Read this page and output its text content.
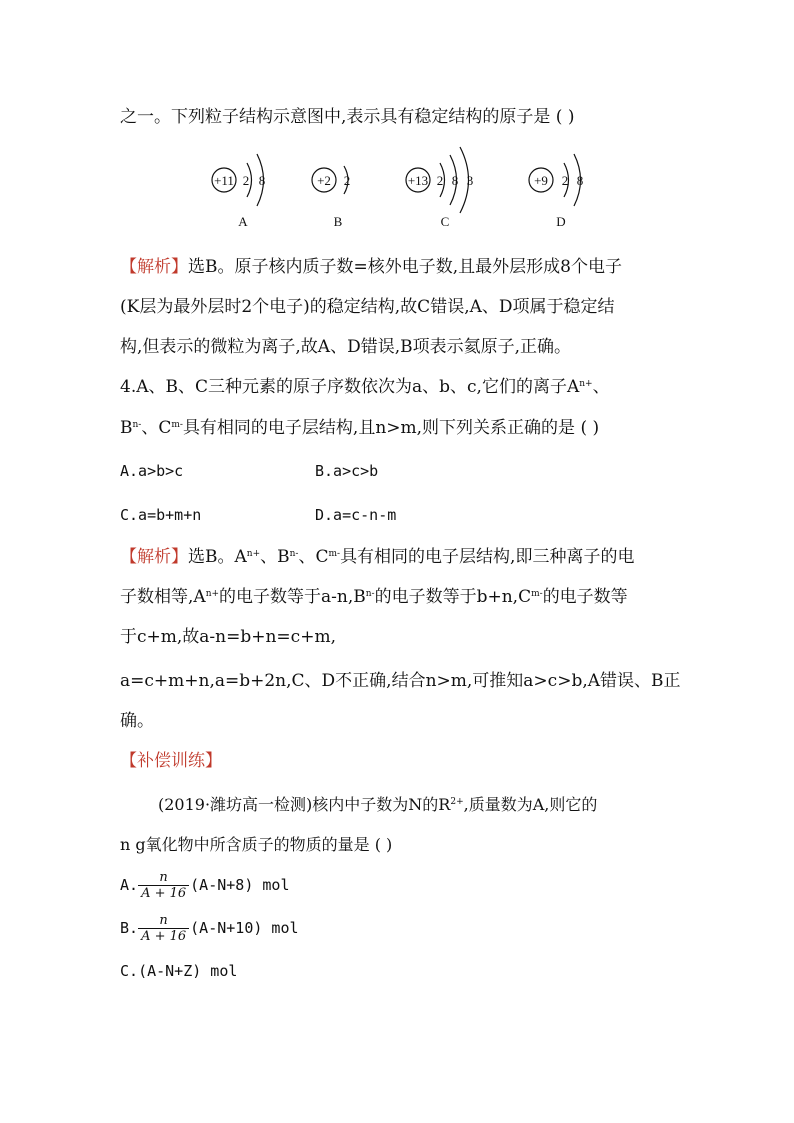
之一。下列粒子结构示意图中,表示具有稳定结构的原子是 ( )
+11 2 8
A
+2 2
B
+13 2 8 3
C
+9 2 8
D
【解析】选B。原子核内质子数=核外电子数,且最外层形成8个电子
(K层为最外层时2个电子)的稳定结构,故C错误,A、D项属于稳定结
构,但表示的微粒为离子,故A、D错误,B项表示氦原子,正确。
4.A、B、C三种元素的原子序数依次为a、b、c,它们的离子$A^{n+}$、
$B^{n-}$、$C^{m-}$具有相同的电子层结构,且n>m,则下列关系正确的是 ( )
A.a>b>c	B.a>c>b
C.a=b+m+n	D.a=c-n-m
【解析】选B。$A^{n+}$、$B^{n-}$、$C^{m-}$具有相同的电子层结构,即三种离子的电
子数相等$,A^{n+}$的电子数等于$a-n,B^{n-}$的电子数等于$b+n,C^{m-}$的电子数等
于c+m,故a-n=b+n=c+m,
a=c+m+n,a=b+2n,C、D不正确,结合n>m,可推知a>c>b,A错误、B正
确。
【补偿训练】
(2019·潍坊高一检测)核内中子数为N的$R^{2+}$,质量数为A,则它的
n g氧化物中所含质子的物质的量是 ( )
A. $\frac{n}{A + 16} (A-N+8)$ mol
B. $\frac{n}{A + 16} (A-N+10)$ mol
C.(A-N+Z) mol
